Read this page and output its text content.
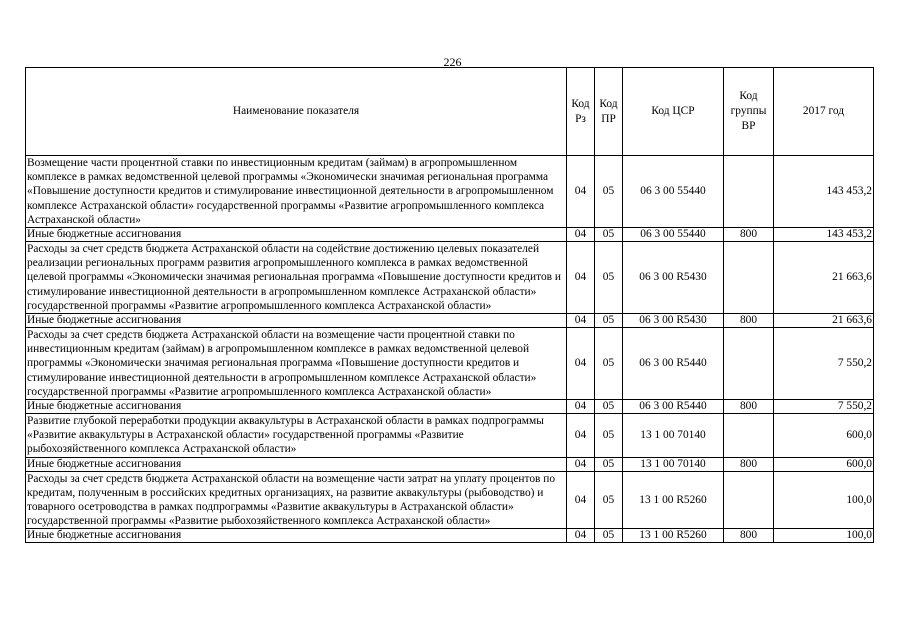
226
Наименование показателя	Код Рз	Код ПР	Код ЦСР	Код группы ВР	2017 год
Возмещение части процентной ставки по инвестиционным кредитам (займам) в агропромышленном комплексе в рамках ведомственной целевой программы «Экономически значимая региональная программа «Повышение доступности кредитов и стимулирование инвестиционной деятельности в агропромышленном комплексе Астраханской области» государственной программы «Развитие агропромышленного комплекса Астраханской области»	04	05	06 3 00 55440		143 453,2
Иные бюджетные ассигнования	04	05	06 3 00 55440	800	143 453,2
Расходы за счет средств бюджета Астраханской области на содействие достижению целевых показателей реализации региональных программ развития агропромышленного комплекса в рамках ведомственной целевой программы «Экономически значимая региональная программа «Повышение доступности кредитов и стимулирование инвестиционной деятельности в агропромышленном комплексе Астраханской области» государственной программы «Развитие агропромышленного комплекса Астраханской области»	04	05	06 3 00 R5430		21 663,6
Иные бюджетные ассигнования	04	05	06 3 00 R5430	800	21 663,6
Расходы за счет средств бюджета Астраханской области на возмещение части процентной ставки по инвестиционным кредитам (займам) в агропромышленном комплексе в рамках ведомственной целевой программы «Экономически значимая региональная программа «Повышение доступности кредитов и стимулирование инвестиционной деятельности в агропромышленном комплексе Астраханской области» государственной программы «Развитие агропромышленного комплекса Астраханской области»	04	05	06 3 00 R5440		7 550,2
Иные бюджетные ассигнования	04	05	06 3 00 R5440	800	7 550,2
Развитие глубокой переработки продукции аквакультуры в Астраханской области в рамках подпрограммы «Развитие аквакультуры в Астраханской области» государственной программы «Развитие рыбохозяйственного комплекса Астраханской области»	04	05	13 1 00 70140		600,0
Иные бюджетные ассигнования	04	05	13 1 00 70140	800	600,0
Расходы за счет средств бюджета Астраханской области на возмещение части затрат на уплату процентов по кредитам, полученным в российских кредитных организациях, на развитие аквакультуры (рыбоводство) и товарного осетроводства в рамках подпрограммы «Развитие аквакультуры в Астраханской области» государственной программы «Развитие рыбохозяйственного комплекса Астраханской области»	04	05	13 1 00 R5260		100,0
Иные бюджетные ассигнования	04	05	13 1 00 R5260	800	100,0
